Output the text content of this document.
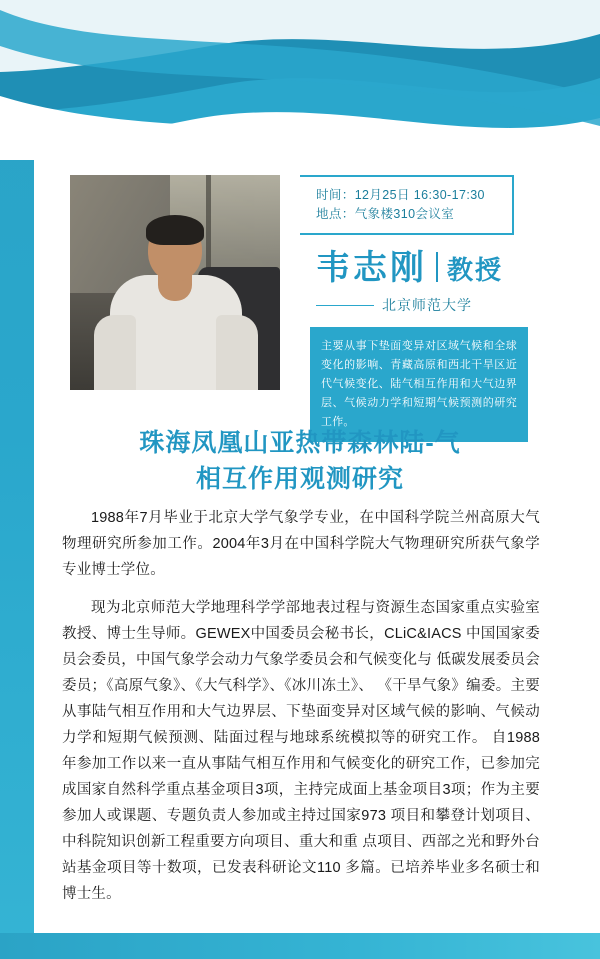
时间：12月25日 16:30-17:30
地点：气象楼310会议室
韦志刚 教授
北京师范大学
主要从事下垫面变异对区域气候和全球变化的影响、青藏高原和西北干旱区近代气候变化、陆气相互作用和大气边界层、气候动力学和短期气候预测的研究工作。
珠海凤凰山亚热带森林陆-气
相互作用观测研究

1988年7月毕业于北京大学气象学专业，在中国科学院兰州高原大气物理研究所参加工作。2004年3月在中国科学院大气物理研究所获气象学专业博士学位。

现为北京师范大学地理科学学部地表过程与资源生态国家重点实验室教授、博士生导师。GEWEX中国委员会秘书长，CLiC&IACS 中国国家委员会委员，中国气象学会动力气象学委员会和气候变化与 低碳发展委员会委员；《高原气象》、《大气科学》、《冰川冻土》、 《干旱气象》编委。主要从事陆气相互作用和大气边界层、下垫面变异对区域气候的影响、气候动力学和短期气候预测、陆面过程与地球系统模拟等的研究工作。 自1988 年参加工作以来一直从事陆气相互作用和气候变化的研究工作，已参加完成国家自然科学重点基金项目3项，主持完成面上基金项目3项；作为主要参加人或课题、专题负责人参加或主持过国家973 项目和攀登计划项目、中科院知识创新工程重要方向项目、重大和重 点项目、西部之光和野外台站基金项目等十数项，已发表科研论文110 多篇。已培养毕业多名硕士和博士生。
